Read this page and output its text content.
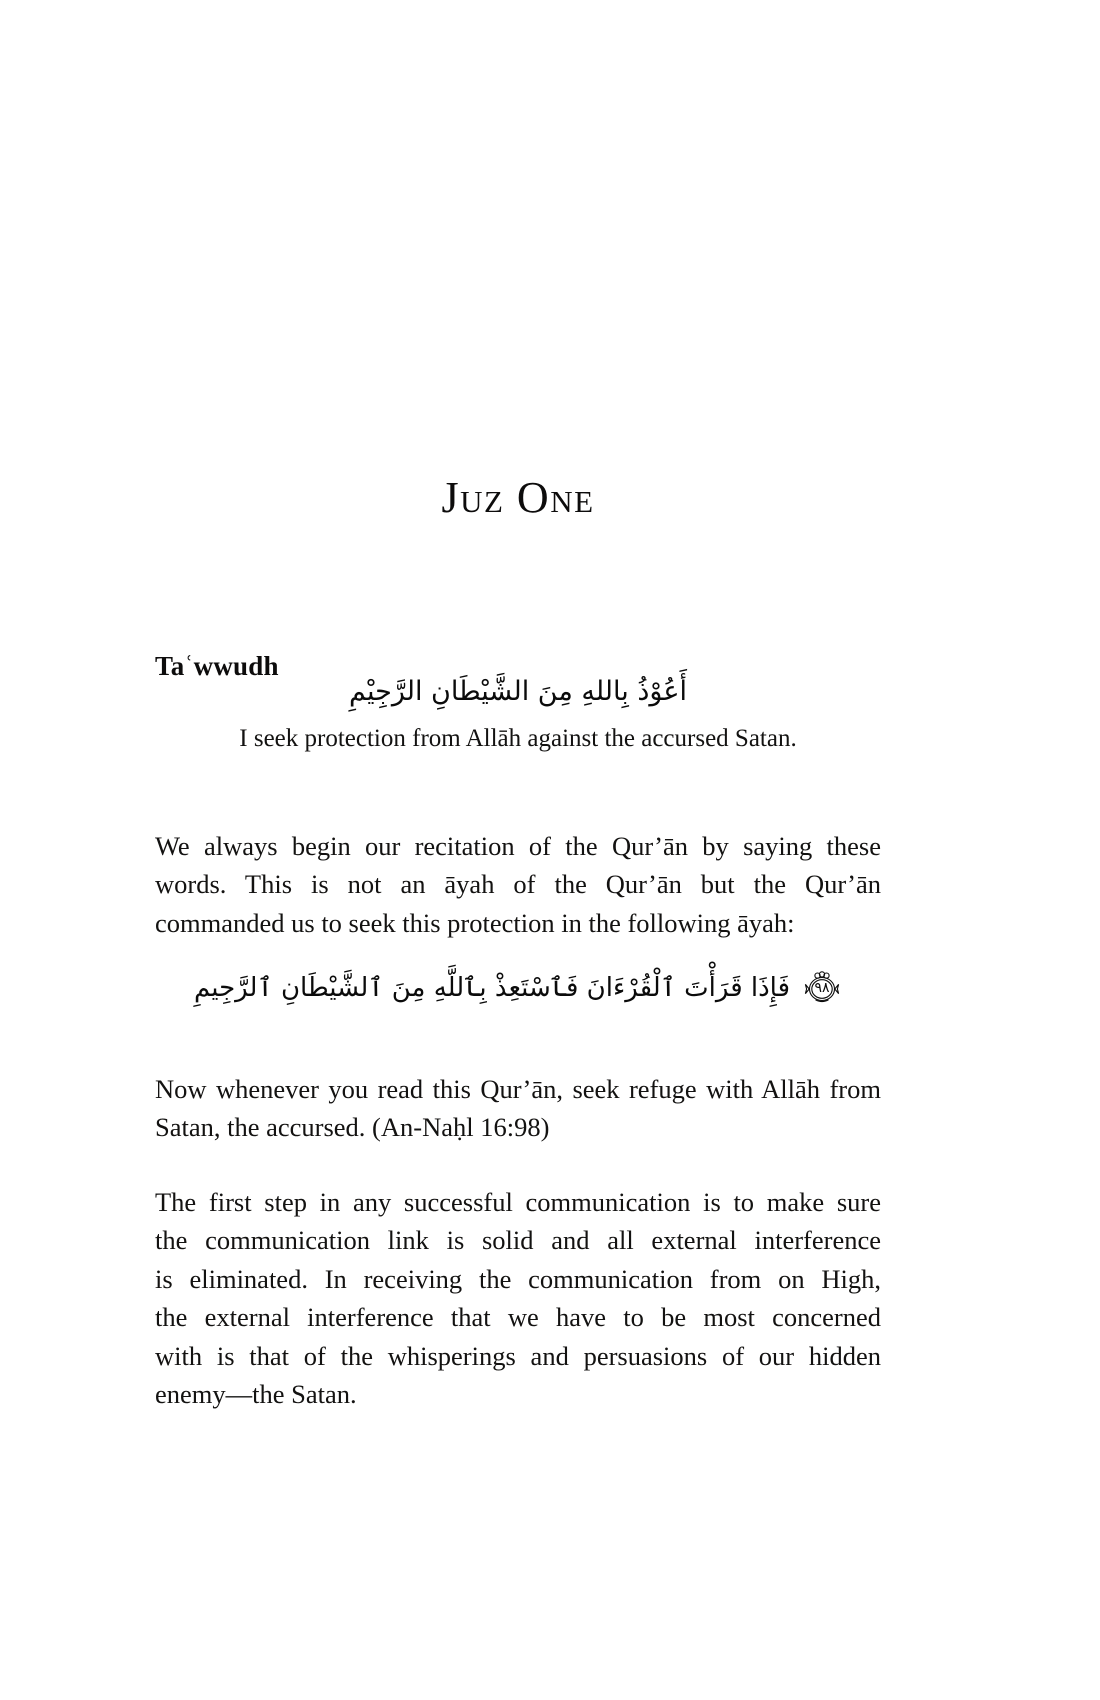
Juz One
Taʿwwudh
أَعُوْذُ بِاللهِ مِنَ الشَّيْطَانِ الرَّجِيْمِ
I seek protection from Allāh against the accursed Satan.

We always begin our recitation of the Qur’ān by saying these
words. This is not an āyah of the Qur’ān but the Qur’ān
commanded us to seek this protection in the following āyah:

٩٨
فَإِذَا قَرَأْتَ ٱلْقُرْءَانَ فَٱسْتَعِذْ بِٱللَّهِ مِنَ ٱلشَّيْطَانِ ٱلرَّجِيمِ

Now whenever you read this Qur’ān, seek refuge with Allāh from
Satan, the accursed. (An-Naḥl 16:98)

The first step in any successful communication is to make sure
the communication link is solid and all external interference
is eliminated. In receiving the communication from on High,
the external interference that we have to be most concerned
with is that of the whisperings and persuasions of our hidden
enemy—the Satan.
